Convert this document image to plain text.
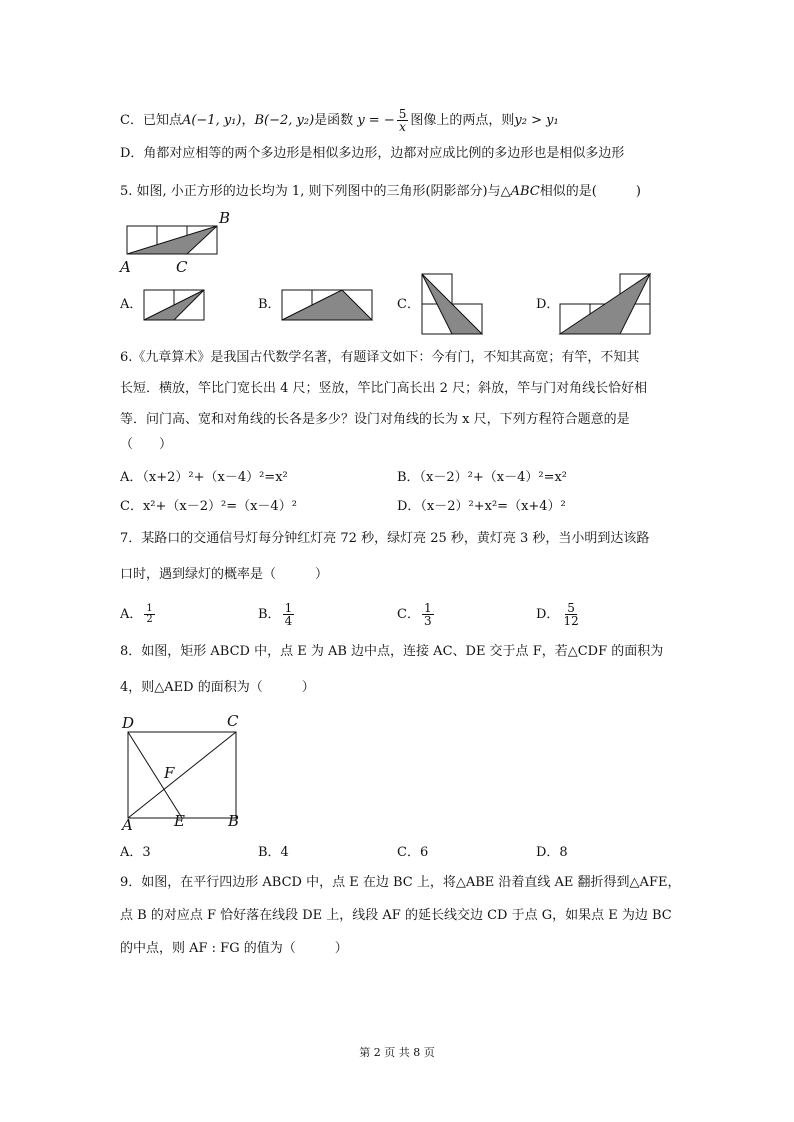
C．已知点A(−1, y₁)，B(−2, y₂)是函数 y = − $\frac{5}{x}$ 图像上的两点，则y₂ > y₁
D．角都对应相等的两个多边形是相似多边形，边都对应成比例的多边形也是相似多边形
5. 如图, 小正方形的边长均为 1, 则下列图中的三角形(阴影部分)与△ABC相似的是(　　　)
B
A	C
A．	B．	C．	D．
6.《九章算术》是我国古代数学名著，有题译文如下：今有门，不知其高宽；有竿，不知其
长短．横放，竿比门宽长出 4 尺；竖放，竿比门高长出 2 尺；斜放，竿与门对角线长恰好相
等．问门高、宽和对角线的长各是多少？设门对角线的长为 x 尺，下列方程符合题意的是
（　　）
A．（x+2）²+（x－4）²=x²	B．（x－2）²+（x－4）²=x²
C．x²+（x－2）²=（x－4）²	D．（x－2）²+x²=（x+4）²
7．某路口的交通信号灯每分钟红灯亮 72 秒，绿灯亮 25 秒，黄灯亮 3 秒，当小明到达该路
口时，遇到绿灯的概率是（　　　）
A． $\frac{1}{2}$	B． $\frac{1}{4}$	C． $\frac{1}{3}$	D． $\frac{5}{12}$
8．如图，矩形 ABCD 中，点 E 为 AB 边中点，连接 AC、DE 交于点 F，若△CDF 的面积为
4，则△AED 的面积为（　　　）
D	C
F
A	E	B
A．3	B．4	C．6	D．8
9．如图，在平行四边形 ABCD 中，点 E 在边 BC 上，将△ABE 沿着直线 AE 翻折得到△AFE，
点 B 的对应点 F 恰好落在线段 DE 上，线段 AF 的延长线交边 CD 于点 G，如果点 E 为边 BC
的中点，则 AF : FG 的值为（　　　）
第 2 页 共 8 页
